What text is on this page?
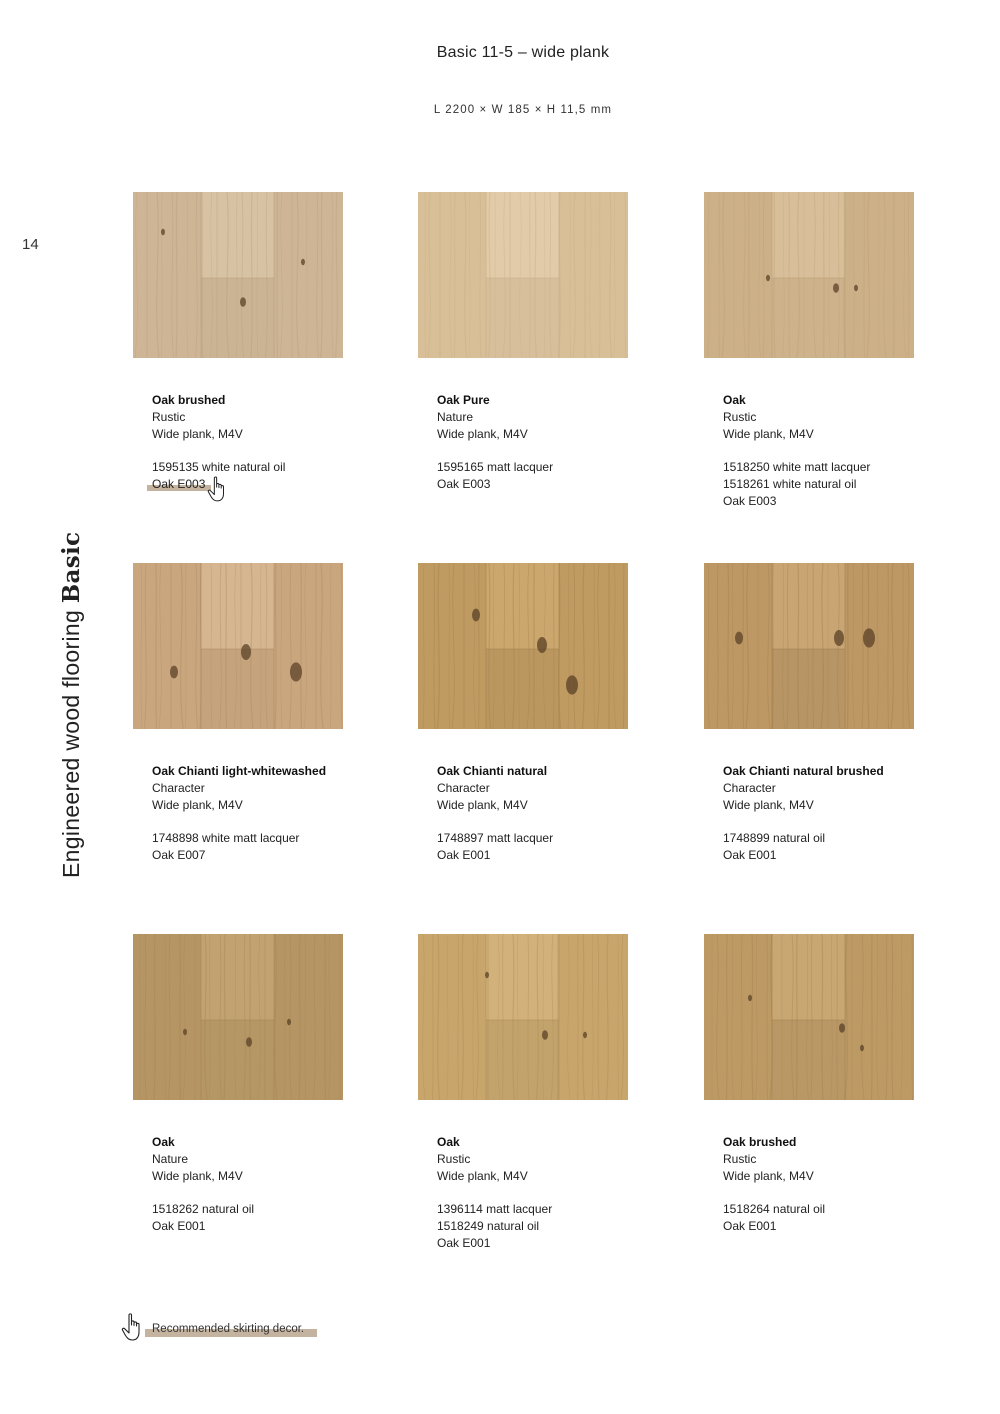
Basic 11-5 – wide plank
L 2200 × W 185 × H 11,5 mm
14
Engineered wood flooring Basic
Oak brushed
Rustic
Wide plank, M4V
1595135 white natural oil
Oak E003
Oak Pure
Nature
Wide plank, M4V
1595165 matt lacquer
Oak E003
Oak
Rustic
Wide plank, M4V
1518250 white matt lacquer
1518261 white natural oil
Oak E003
Oak Chianti light-whitewashed
Character
Wide plank, M4V
1748898 white matt lacquer
Oak E007
Oak Chianti natural
Character
Wide plank, M4V
1748897 matt lacquer
Oak E001
Oak Chianti natural brushed
Character
Wide plank, M4V
1748899 natural oil
Oak E001
Oak
Nature
Wide plank, M4V
1518262 natural oil
Oak E001
Oak
Rustic
Wide plank, M4V
1396114 matt lacquer
1518249 natural oil
Oak E001
Oak brushed
Rustic
Wide plank, M4V
1518264 natural oil
Oak E001
Recommended skirting decor.
